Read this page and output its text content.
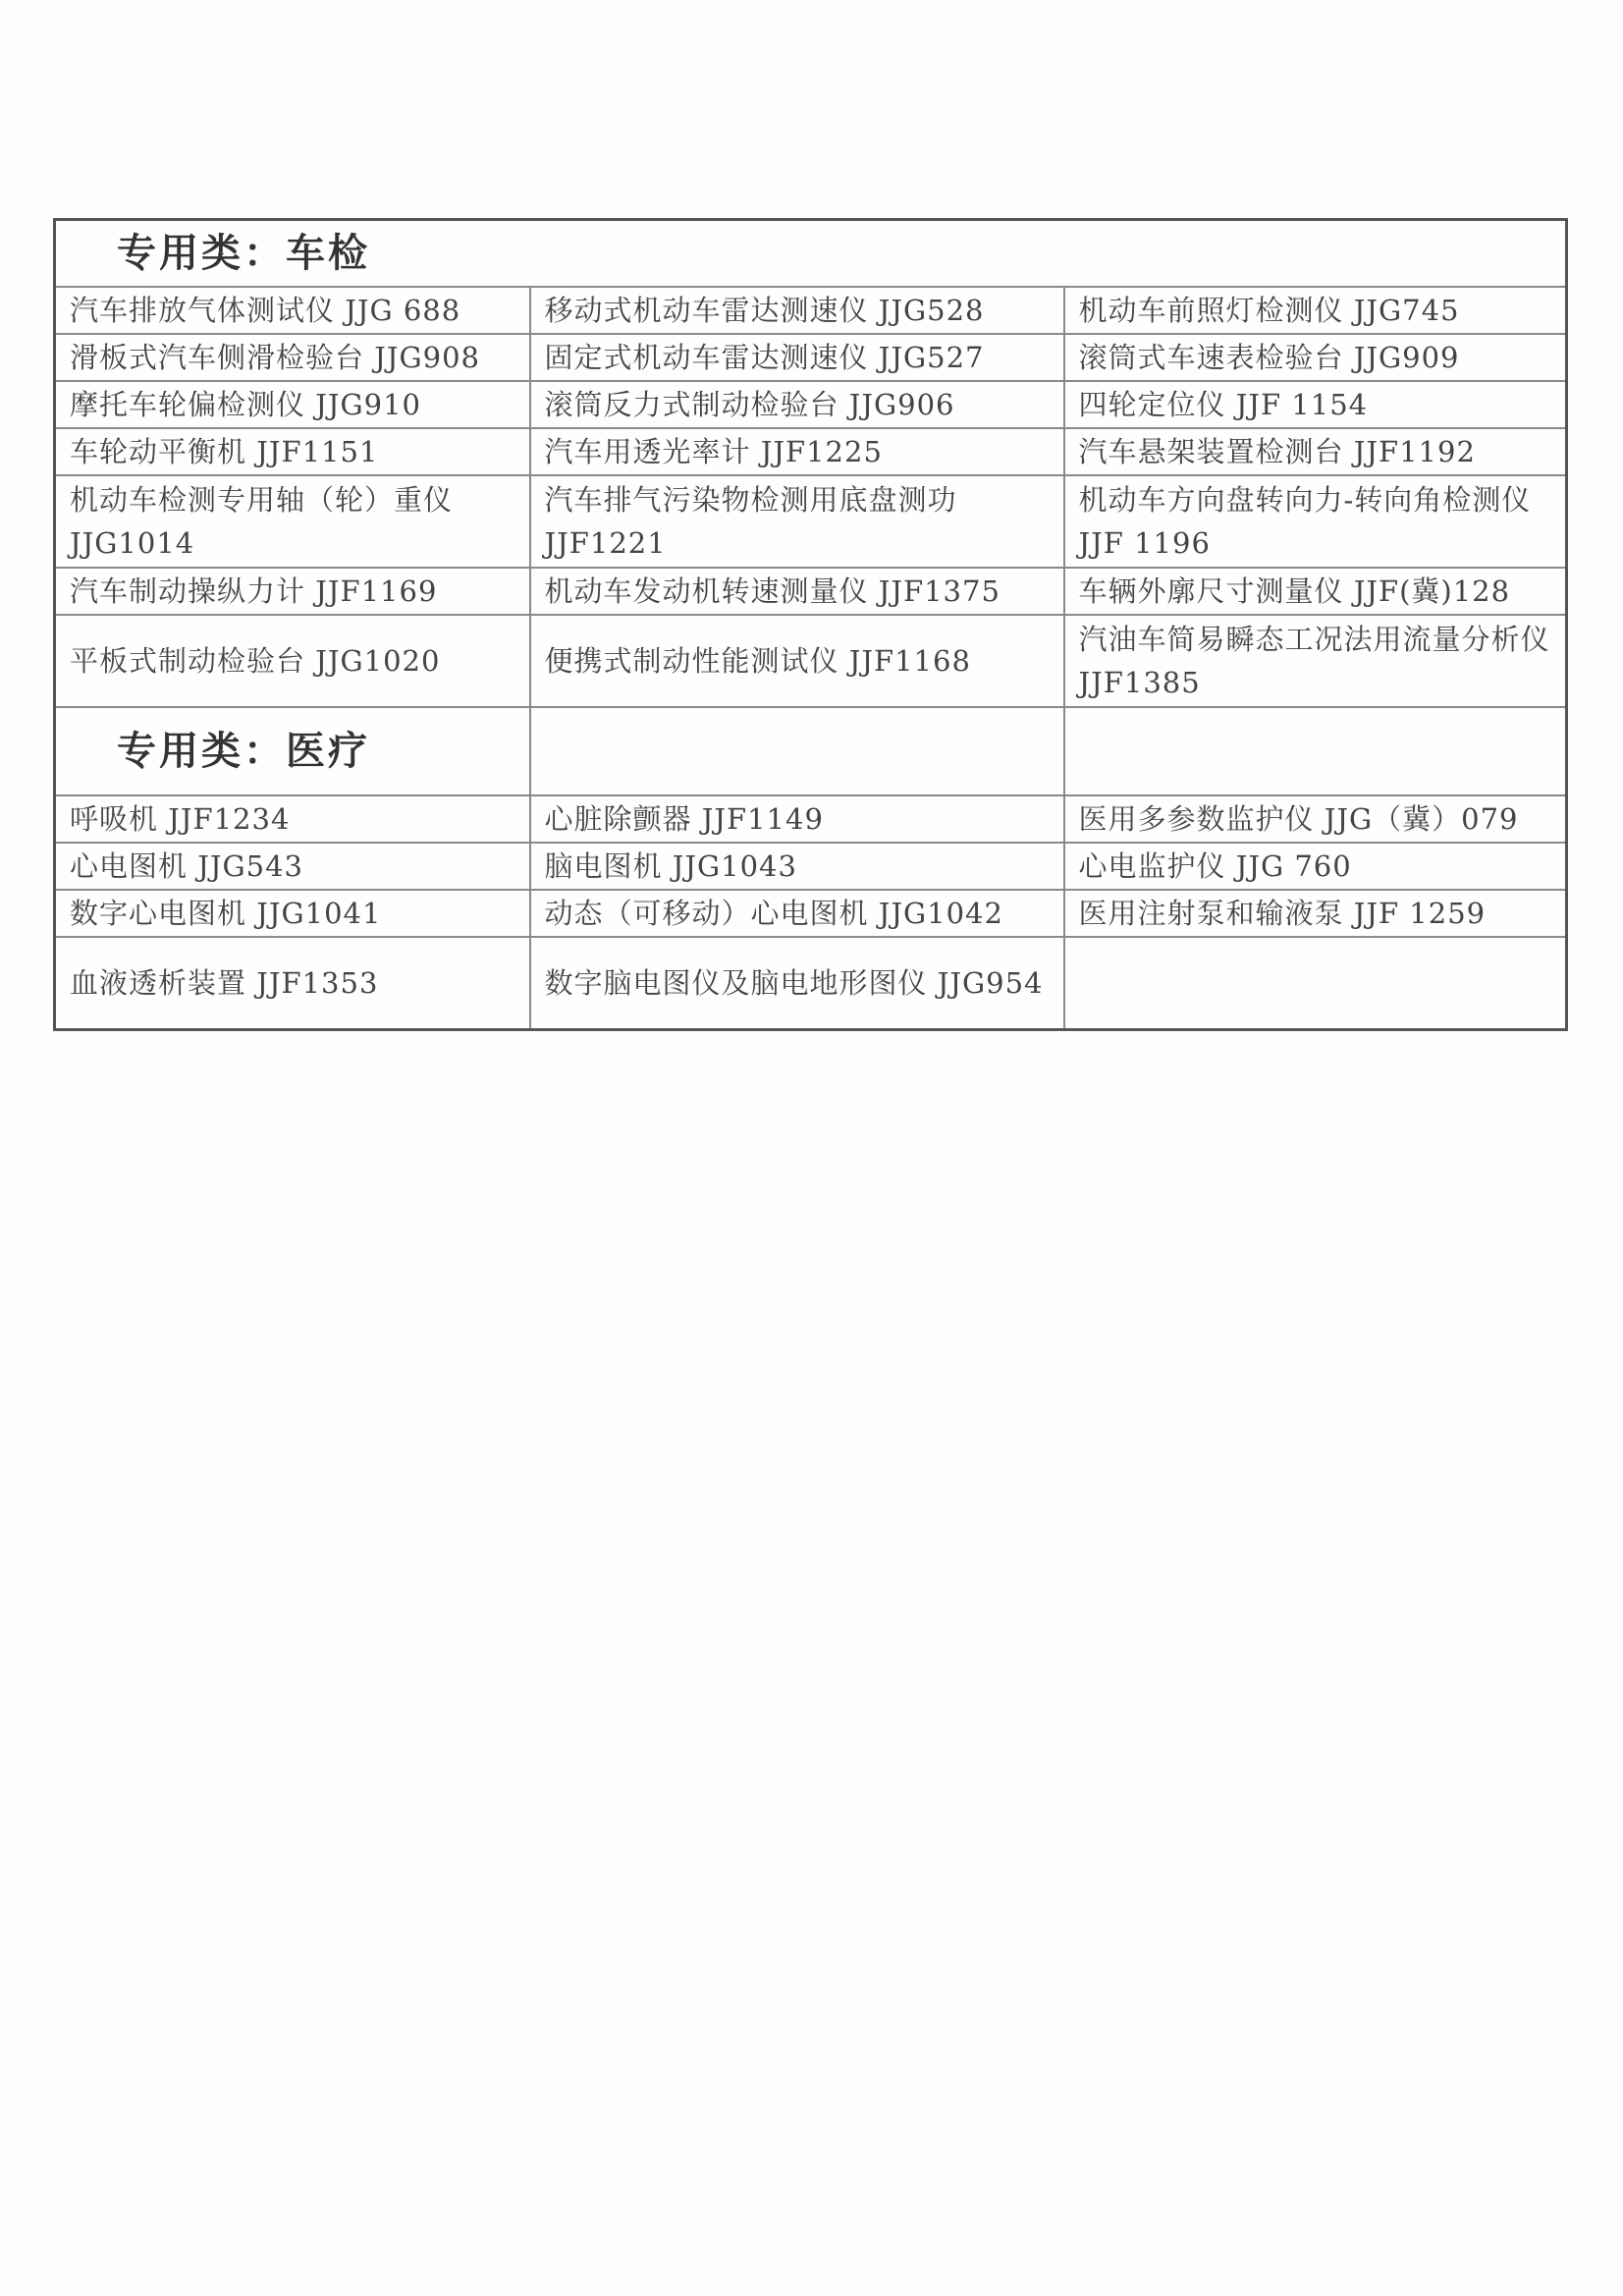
专用类：车检		
汽车排放气体测试仪 JJG 688	移动式机动车雷达测速仪 JJG528	机动车前照灯检测仪 JJG745
滑板式汽车侧滑检验台 JJG908	固定式机动车雷达测速仪 JJG527	滚筒式车速表检验台 JJG909
摩托车轮偏检测仪 JJG910	滚筒反力式制动检验台 JJG906	四轮定位仪 JJF 1154
车轮动平衡机 JJF1151	汽车用透光率计 JJF1225	汽车悬架装置检测台 JJF1192
机动车检测专用轴（轮）重仪 JJG1014	汽车排气污染物检测用底盘测功 JJF1221	机动车方向盘转向力-转向角检测仪 JJF 1196
汽车制动操纵力计 JJF1169	机动车发动机转速测量仪 JJF1375	车辆外廓尺寸测量仪 JJF(冀)128
平板式制动检验台 JJG1020	便携式制动性能测试仪 JJF1168	汽油车简易瞬态工况法用流量分析仪 JJF1385
专用类：医疗		
呼吸机 JJF1234	心脏除颤器 JJF1149	医用多参数监护仪 JJG（冀）079
心电图机 JJG543	脑电图机 JJG1043	心电监护仪 JJG 760
数字心电图机 JJG1041	动态（可移动）心电图机 JJG1042	医用注射泵和输液泵 JJF 1259
血液透析装置 JJF1353	数字脑电图仪及脑电地形图仪 JJG954	
